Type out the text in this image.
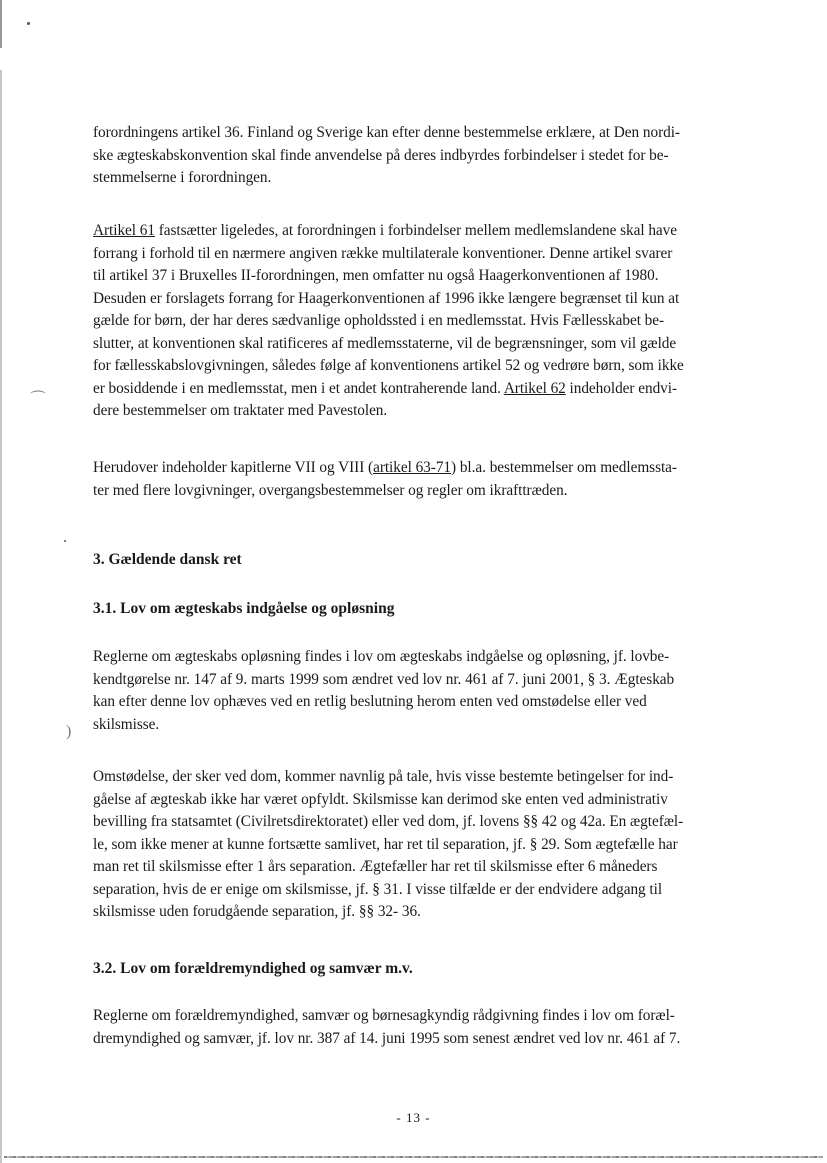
⌒
)
forordningens artikel 36. Finland og Sverige kan efter denne bestemmelse erklære, at Den nordi-
ske ægteskabskonvention skal finde anvendelse på deres indbyrdes forbindelser i stedet for be-
stemmelserne i forordningen.
Artikel 61 fastsætter ligeledes, at forordningen i forbindelser mellem medlemslandene skal have
forrang i forhold til en nærmere angiven række multilaterale konventioner. Denne artikel svarer
til artikel 37 i Bruxelles II-forordningen, men omfatter nu også Haagerkonventionen af 1980.
Desuden er forslagets forrang for Haagerkonventionen af 1996 ikke længere begrænset til kun at
gælde for børn, der har deres sædvanlige opholdssted i en medlemsstat. Hvis Fællesskabet be-
slutter, at konventionen skal ratificeres af medlemsstaterne, vil de begrænsninger, som vil gælde
for fællesskabslovgivningen, således følge af konventionens artikel 52 og vedrøre børn, som ikke
er bosiddende i en medlemsstat, men i et andet kontraherende land. Artikel 62 indeholder endvi-
dere bestemmelser om traktater med Pavestolen.
Herudover indeholder kapitlerne VII og VIII (artikel 63-71) bl.a. bestemmelser om medlemssta-
ter med flere lovgivninger, overgangsbestemmelser og regler om ikrafttræden.
3. Gældende dansk ret
3.1. Lov om ægteskabs indgåelse og opløsning
Reglerne om ægteskabs opløsning findes i lov om ægteskabs indgåelse og opløsning, jf. lovbe-
kendtgørelse nr. 147 af 9. marts 1999 som ændret ved lov nr. 461 af 7. juni 2001, § 3. Ægteskab
kan efter denne lov ophæves ved en retlig beslutning herom enten ved omstødelse eller ved
skilsmisse.
Omstødelse, der sker ved dom, kommer navnlig på tale, hvis visse bestemte betingelser for ind-
gåelse af ægteskab ikke har været opfyldt. Skilsmisse kan derimod ske enten ved administrativ
bevilling fra statsamtet (Civilretsdirektoratet) eller ved dom, jf. lovens §§ 42 og 42a. En ægtefæl-
le, som ikke mener at kunne fortsætte samlivet, har ret til separation, jf. § 29. Som ægtefælle har
man ret til skilsmisse efter 1 års separation. Ægtefæller har ret til skilsmisse efter 6 måneders
separation, hvis de er enige om skilsmisse, jf. § 31. I visse tilfælde er der endvidere adgang til
skilsmisse uden forudgående separation, jf. §§ 32- 36.
3.2. Lov om forældremyndighed og samvær m.v.
Reglerne om forældremyndighed, samvær og børnesagkyndig rådgivning findes i lov om foræl-
dremyndighed og samvær, jf. lov nr. 387 af 14. juni 1995 som senest ændret ved lov nr. 461 af 7.
- 13 -
